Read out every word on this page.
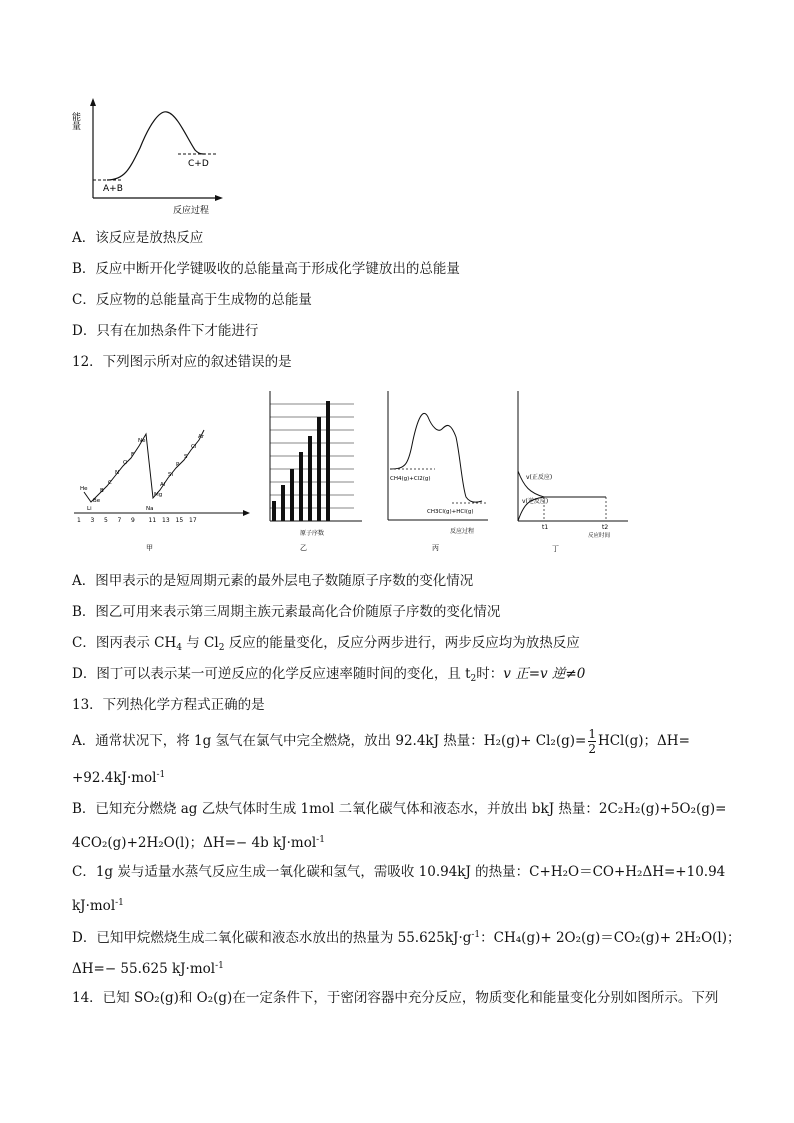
能量
A+B
C+D
反应过程
A．该反应是放热反应
B．反应中断开化学键吸收的总能量高于形成化学键放出的总能量
C．反应物的总能量高于生成物的总能量
D．只有在加热条件下才能进行
12．下列图示所对应的叙述错误的是
He
Li
Be
B
C
N
O
F
Ne
Na
Mg
Al
Si
P
S
Cl
Ar
1 3 5 7 9 11 13 15 17
甲
原子序数
乙
CH4(g)+Cl2(g)
CH3Cl(g)+HCl(g)
反应过程
丙
v(正反应)
v(逆反应)
t1	t2
反应时间
丁
A．图甲表示的是短周期元素的最外层电子数随原子序数的变化情况
B．图乙可用来表示第三周期主族元素最高化合价随原子序数的变化情况
C．图丙表示 $CH_4$ 与 $Cl_2$ 反应的能量变化，反应分两步进行，两步反应均为放热反应
D．图丁可以表示某一可逆反应的化学反应速率随时间的变化，且 $t_2$时：v 正=v 逆≠0
13．下列热化学方程式正确的是
A．通常状况下，将 1g 氢气在氯气中完全燃烧，放出 92.4kJ 热量：$H_2(g)+ Cl_2(g)= \frac{1}{2} HCl(g)$；ΔH=
+92.4kJ·mol$^{-1}$
B．已知充分燃烧 ag 乙炔气体时生成 1mol 二氧化碳气体和液态水，并放出 bkJ 热量：2C₂H₂(g)+5O₂(g)=
4CO₂(g)+2H₂O(l)；ΔH=− 4b kJ·mol$^{-1}$
C．1g 炭与适量水蒸气反应生成一氧化碳和氢气，需吸收 10.94kJ 的热量：C+H₂O＝CO+H₂ΔH=+10.94
kJ·mol$^{-1}$
D．已知甲烷燃烧生成二氧化碳和液态水放出的热量为 $55.625kJ\cdot g^{-1}$：CH₄(g)+ 2O₂(g)＝CO₂(g)+ 2H₂O(l)；
ΔH=− 55.625 kJ·mol$^{-1}$
14．已知 SO₂(g)和 O₂(g)在一定条件下，于密闭容器中充分反应，物质变化和能量变化分别如图所示。下列
